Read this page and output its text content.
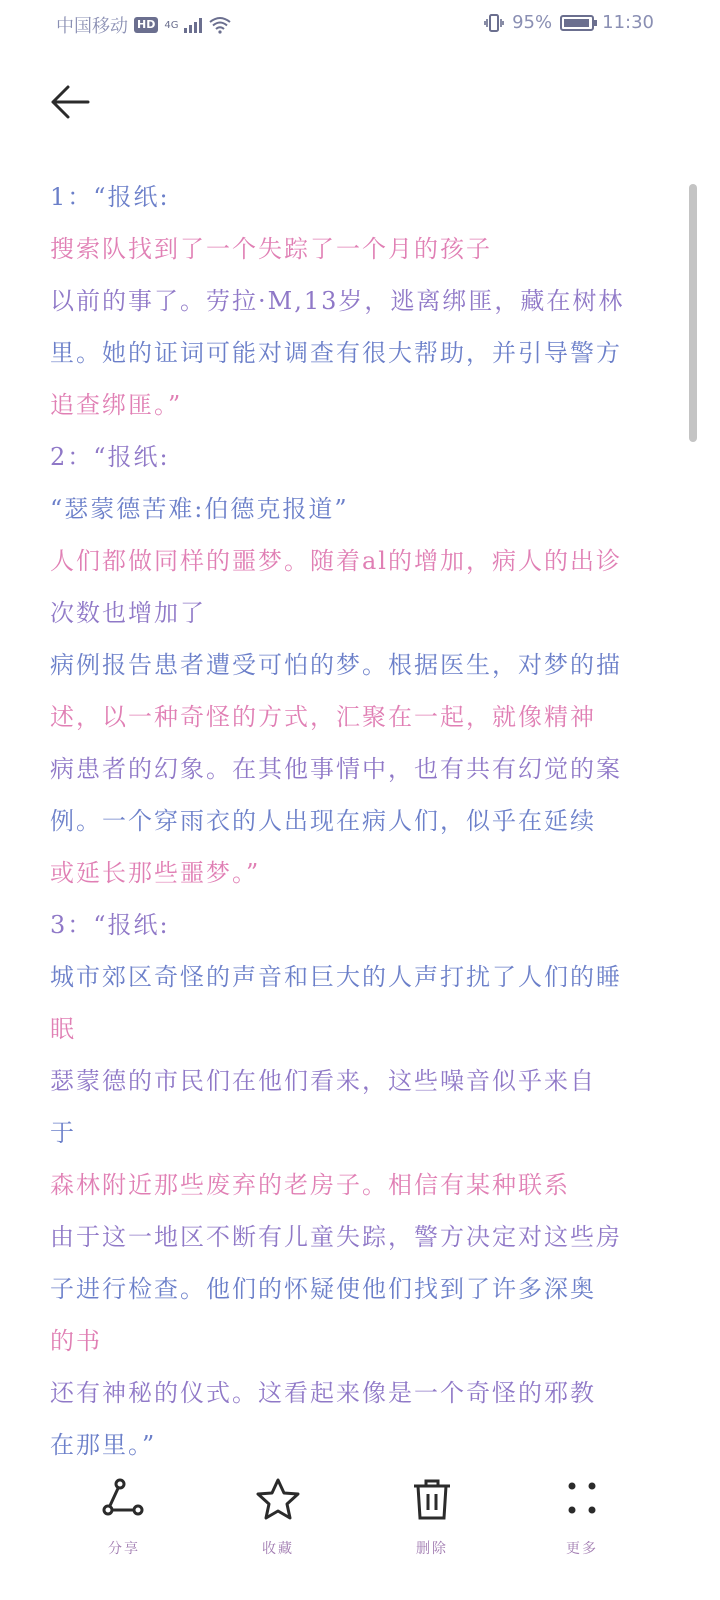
中国移动 HD 4G	95%	11:30
1：“报纸:
搜索队找到了一个失踪了一个月的孩子
以前的事了。劳拉·M,13岁，逃离绑匪，藏在树林
里。她的证词可能对调查有很大帮助，并引导警方
追查绑匪。”
2：“报纸:
“瑟蒙德苦难:伯德克报道”
人们都做同样的噩梦。随着al的增加，病人的出诊
次数也增加了
病例报告患者遭受可怕的梦。根据医生，对梦的描
述，以一种奇怪的方式，汇聚在一起，就像精神
病患者的幻象。在其他事情中，也有共有幻觉的案
例。一个穿雨衣的人出现在病人们，似乎在延续
或延长那些噩梦。”
3：“报纸:
城市郊区奇怪的声音和巨大的人声打扰了人们的睡
眠
瑟蒙德的市民们在他们看来，这些噪音似乎来自
于
森林附近那些废弃的老房子。相信有某种联系
由于这一地区不断有儿童失踪，警方决定对这些房
子进行检查。他们的怀疑使他们找到了许多深奥
的书
还有神秘的仪式。这看起来像是一个奇怪的邪教
在那里。”
分享	收藏	删除	更多
